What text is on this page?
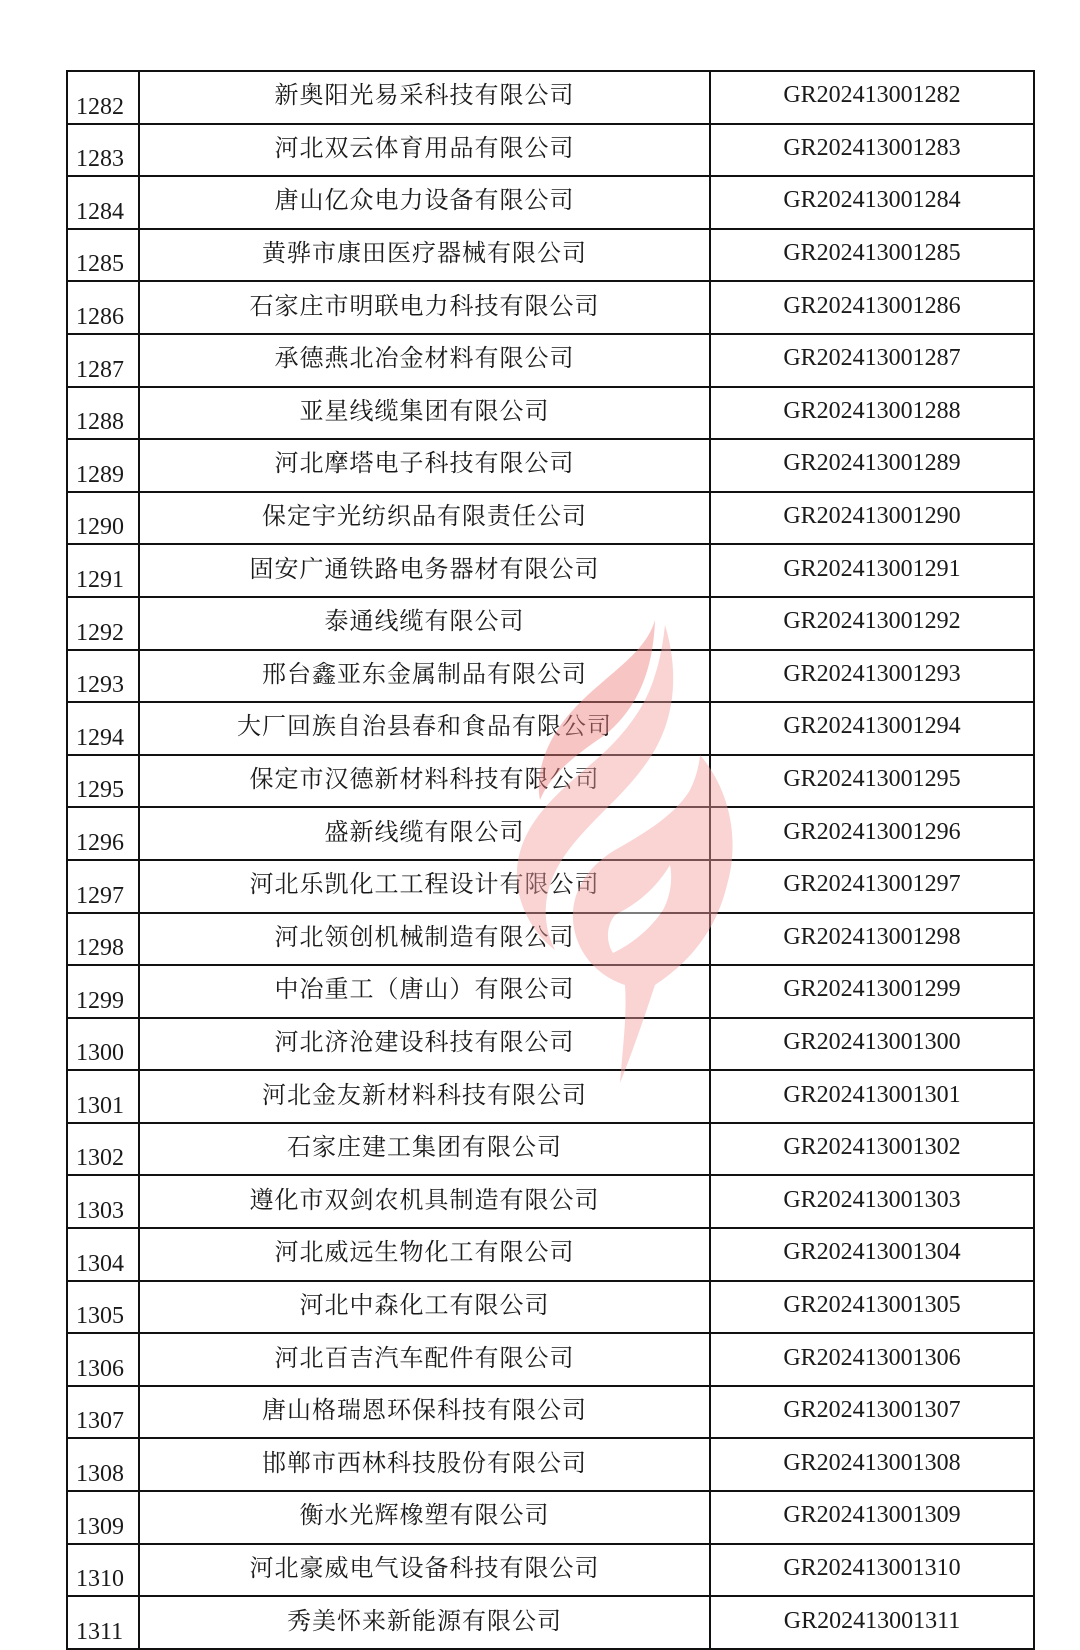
1282	新奥阳光易采科技有限公司	GR202413001282
1283	河北双云体育用品有限公司	GR202413001283
1284	唐山亿众电力设备有限公司	GR202413001284
1285	黄骅市康田医疗器械有限公司	GR202413001285
1286	石家庄市明联电力科技有限公司	GR202413001286
1287	承德燕北冶金材料有限公司	GR202413001287
1288	亚星线缆集团有限公司	GR202413001288
1289	河北摩塔电子科技有限公司	GR202413001289
1290	保定宇光纺织品有限责任公司	GR202413001290
1291	固安广通铁路电务器材有限公司	GR202413001291
1292	泰通线缆有限公司	GR202413001292
1293	邢台鑫亚东金属制品有限公司	GR202413001293
1294	大厂回族自治县春和食品有限公司	GR202413001294
1295	保定市汉德新材料科技有限公司	GR202413001295
1296	盛新线缆有限公司	GR202413001296
1297	河北乐凯化工工程设计有限公司	GR202413001297
1298	河北领创机械制造有限公司	GR202413001298
1299	中冶重工（唐山）有限公司	GR202413001299
1300	河北济沧建设科技有限公司	GR202413001300
1301	河北金友新材料科技有限公司	GR202413001301
1302	石家庄建工集团有限公司	GR202413001302
1303	遵化市双剑农机具制造有限公司	GR202413001303
1304	河北威远生物化工有限公司	GR202413001304
1305	河北中森化工有限公司	GR202413001305
1306	河北百吉汽车配件有限公司	GR202413001306
1307	唐山格瑞恩环保科技有限公司	GR202413001307
1308	邯郸市西林科技股份有限公司	GR202413001308
1309	衡水光辉橡塑有限公司	GR202413001309
1310	河北豪威电气设备科技有限公司	GR202413001310
1311	秀美怀来新能源有限公司	GR202413001311
